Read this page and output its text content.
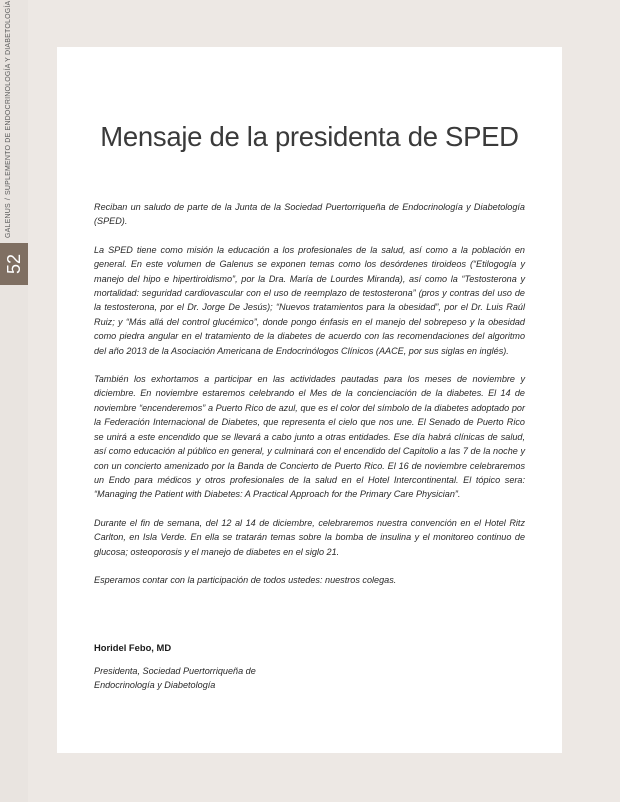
GALENUS/SUPLEMENTO DE ENDOCRINOLOGÍA Y DIABETOLOGÍA
52
Mensaje de la presidenta de SPED

Reciban un saludo de parte de la Junta de la Sociedad Puertorriqueña de Endocrinología y Diabetología (SPED).

La SPED tiene como misión la educación a los profesionales de la salud, así como a la población en general. En este volumen de Galenus se exponen temas como los desórdenes tiroideos (“Etilogogía y manejo del hipo e hipertiroidismo”, por la Dra. María de Lourdes Miranda), así como la “Testosterona y mortalidad: seguridad cardiovascular con el uso de reemplazo de testosterona” (pros y contras del uso de la testosterona, por el Dr. Jorge De Jesús); “Nuevos tratamientos para la obesidad”, por el Dr. Luis Raúl Ruiz; y “Más allá del control glucémico”, donde pongo énfasis en el manejo del sobrepeso y la obesidad como piedra angular en el tratamiento de la diabetes de acuerdo con las recomendaciones del algoritmo del año 2013 de la Asociación Americana de Endocrinólogos Clínicos (AACE, por sus siglas en inglés).

También los exhortamos a participar en las actividades pautadas para los meses de noviembre y diciembre. En noviembre estaremos celebrando el Mes de la concienciación de la diabetes. El 14 de noviembre “encenderemos” a Puerto Rico de azul, que es el color del símbolo de la diabetes adoptado por la Federación Internacional de Diabetes, que representa el cielo que nos une. El Senado de Puerto Rico se unirá a este encendido que se llevará a cabo junto a otras entidades. Ese día habrá clínicas de salud, así como educación al público en general, y culminará con el encendido del Capitolio a las 7 de la noche y con un concierto amenizado por la Banda de Concierto de Puerto Rico. El 16 de noviembre celebraremos un Endo para médicos y otros profesionales de la salud en el Hotel Intercontinental. El tópico sera: “Managing the Patient with Diabetes: A Practical Approach for the Primary Care Physician”.

Durante el fin de semana, del 12 al 14 de diciembre, celebraremos nuestra convención en el Hotel Ritz Carlton, en Isla Verde. En ella se tratarán temas sobre la bomba de insulina y el monitoreo continuo de glucosa; osteoporosis y el manejo de diabetes en el siglo 21.

Esperamos contar con la participación de todos ustedes: nuestros colegas.

Horidel Febo, MD
Presidenta, Sociedad Puertorriqueña de
Endocrinología y Diabetología
